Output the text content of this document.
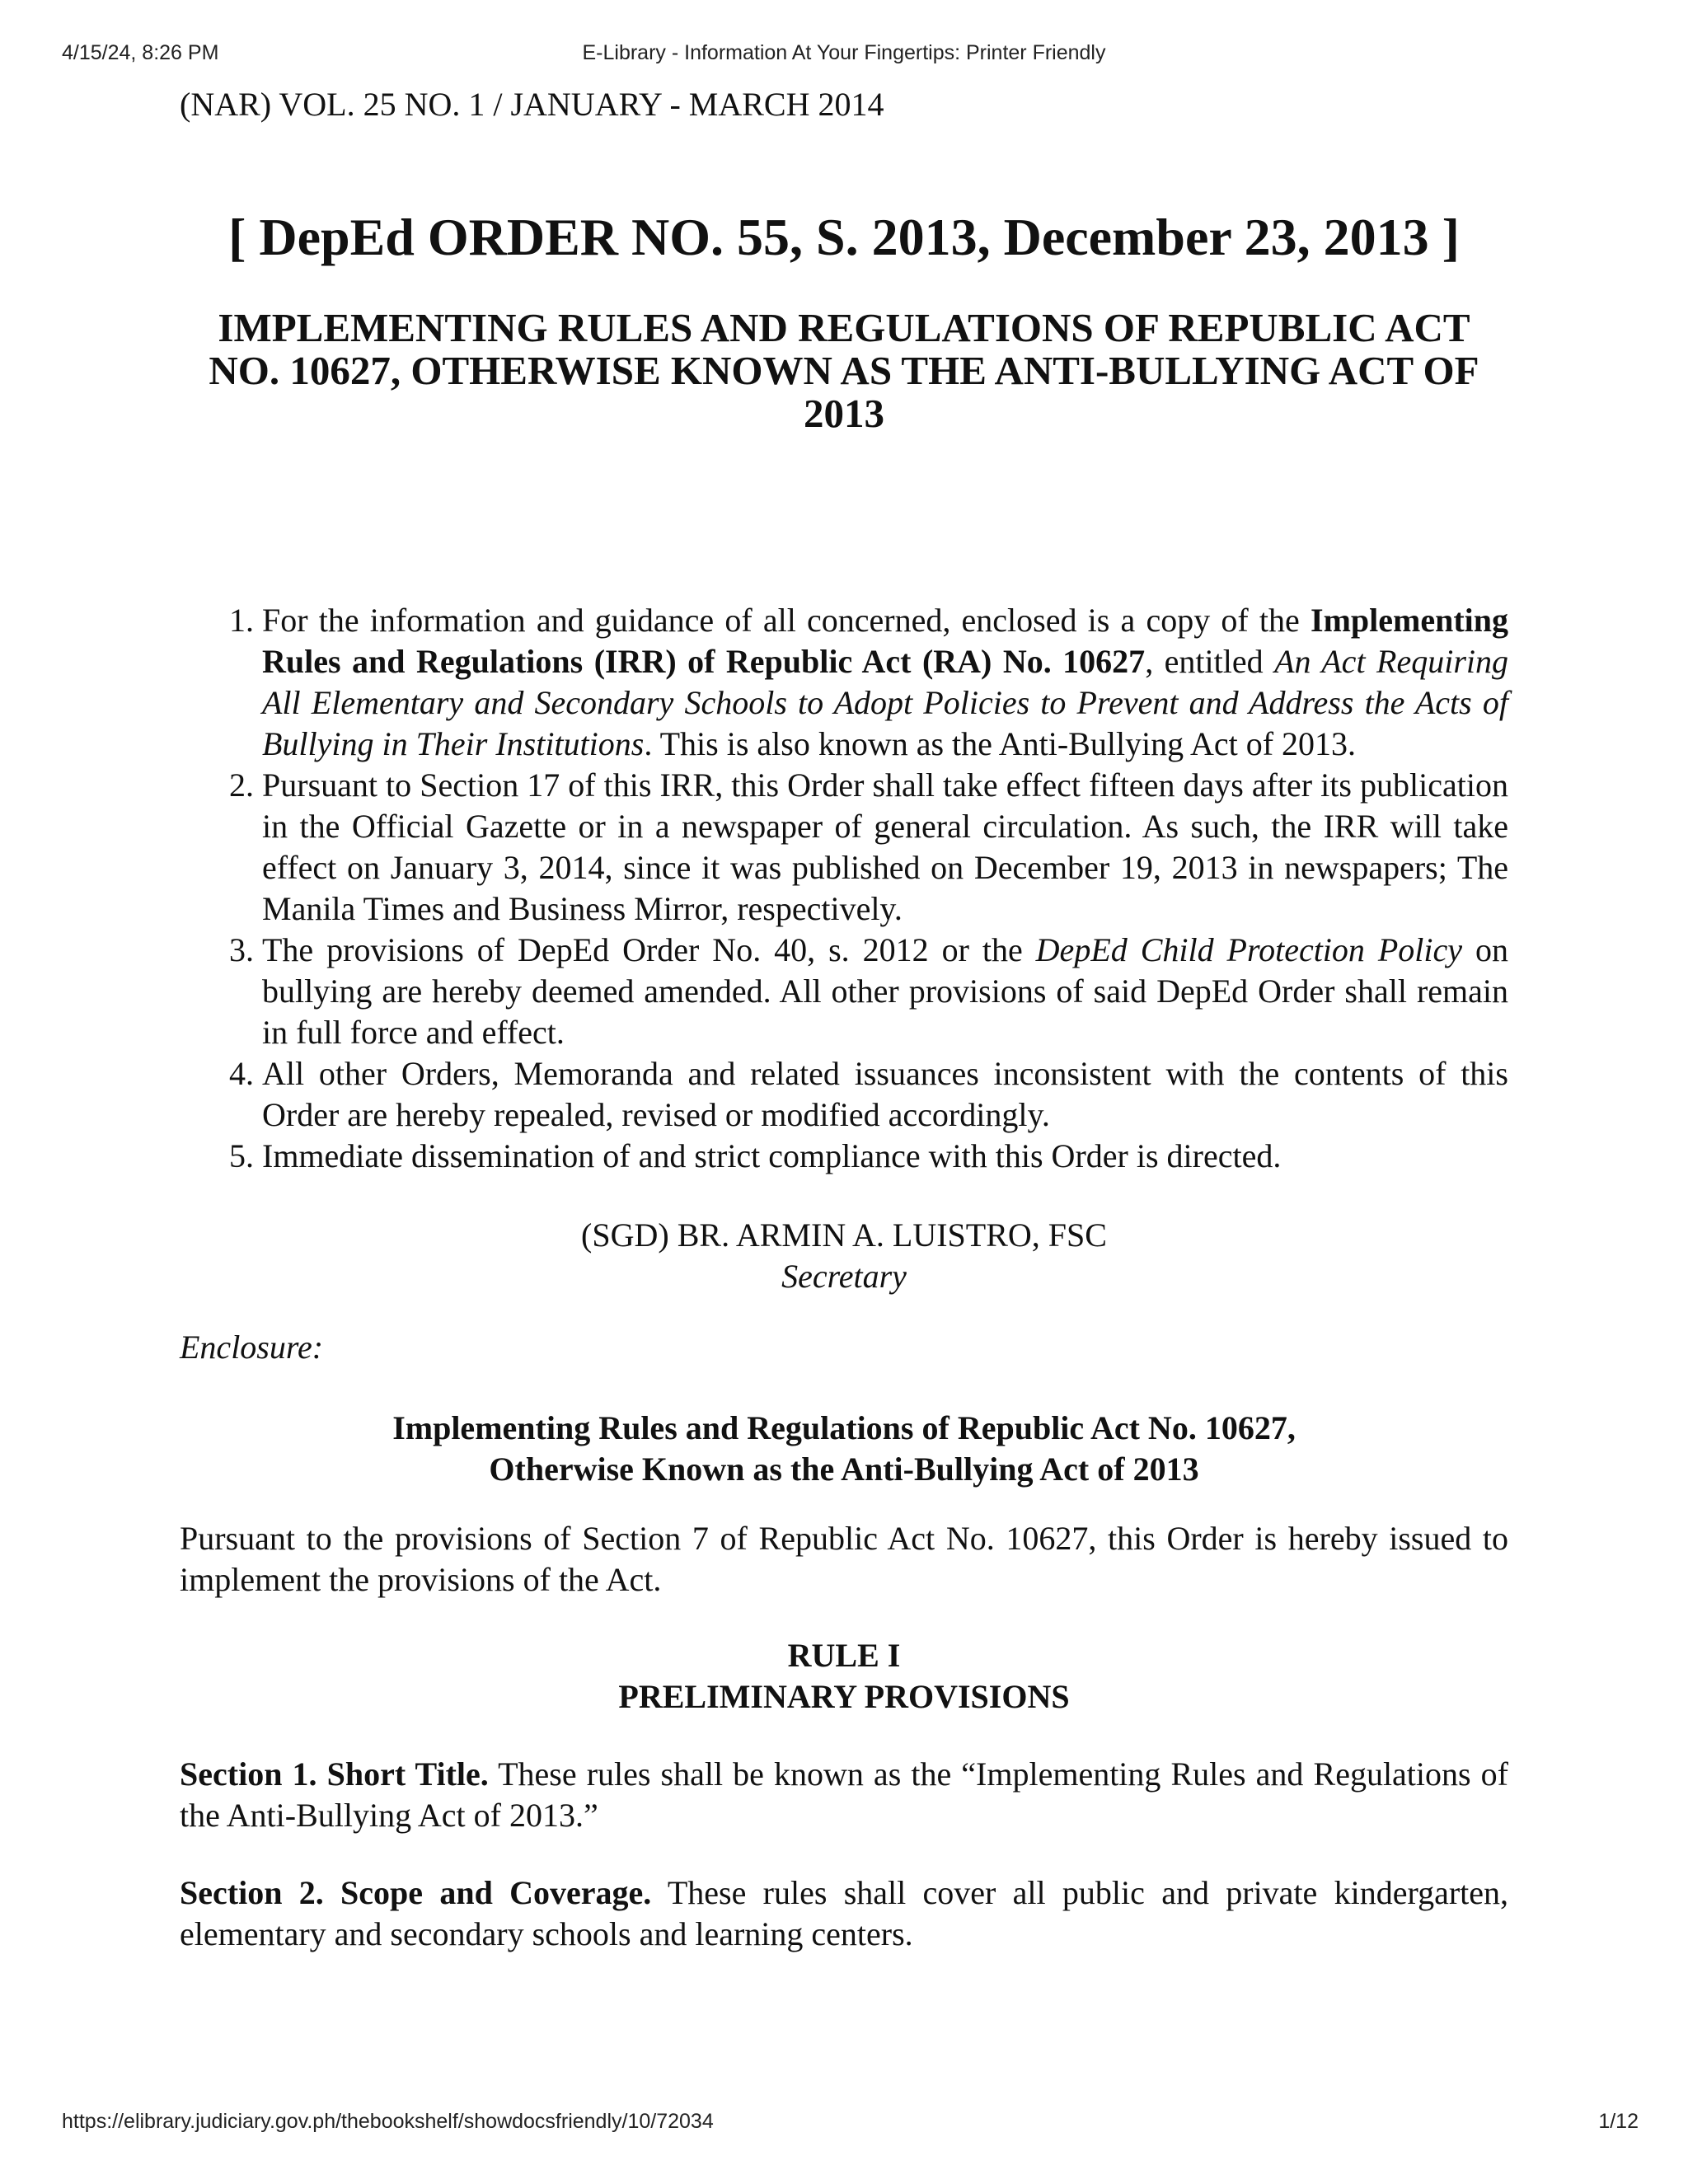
4/15/24, 8:26 PM	E-Library - Information At Your Fingertips: Printer Friendly

(NAR) VOL. 25 NO. 1 / JANUARY - MARCH 2014

[ DepEd ORDER NO. 55, S. 2013, December 23, 2013 ]
IMPLEMENTING RULES AND REGULATIONS OF REPUBLIC ACT NO. 10627, OTHERWISE KNOWN AS THE ANTI-BULLYING ACT OF 2013
1. For the information and guidance of all concerned, enclosed is a copy of the Implementing Rules and Regulations (IRR) of Republic Act (RA) No. 10627, entitled An Act Requiring All Elementary and Secondary Schools to Adopt Policies to Prevent and Address the Acts of Bullying in Their Institutions. This is also known as the Anti-Bullying Act of 2013.
2. Pursuant to Section 17 of this IRR, this Order shall take effect fifteen days after its publication in the Official Gazette or in a newspaper of general circulation. As such, the IRR will take effect on January 3, 2014, since it was published on December 19, 2013 in newspapers; The Manila Times and Business Mirror, respectively.
3. The provisions of DepEd Order No. 40, s. 2012 or the DepEd Child Protection Policy on bullying are hereby deemed amended. All other provisions of said DepEd Order shall remain in full force and effect.
4. All other Orders, Memoranda and related issuances inconsistent with the contents of this Order are hereby repealed, revised or modified accordingly.
5. Immediate dissemination of and strict compliance with this Order is directed.
(SGD) BR. ARMIN A. LUISTRO, FSC
Secretary
Enclosure:
Implementing Rules and Regulations of Republic Act No. 10627,
Otherwise Known as the Anti-Bullying Act of 2013

Pursuant to the provisions of Section 7 of Republic Act No. 10627, this Order is hereby issued to implement the provisions of the Act.

RULE I
PRELIMINARY PROVISIONS

Section 1. Short Title. These rules shall be known as the “Implementing Rules and Regulations of the Anti-Bullying Act of 2013.”

Section 2. Scope and Coverage. These rules shall cover all public and private kindergarten, elementary and secondary schools and learning centers.

https://elibrary.judiciary.gov.ph/thebookshelf/showdocsfriendly/10/72034	1/12
